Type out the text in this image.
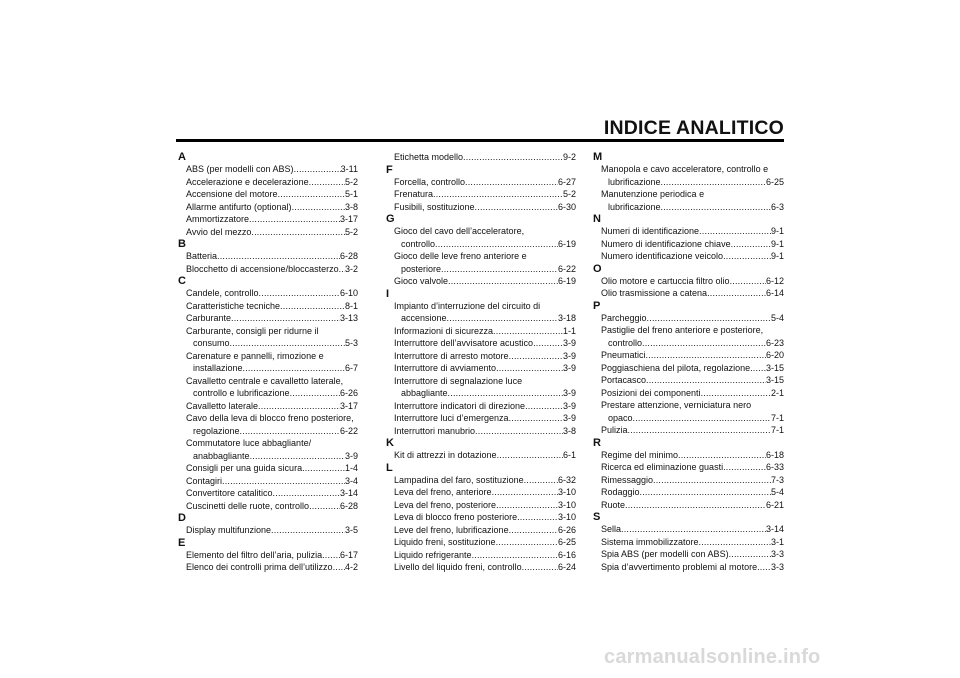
INDICE ANALITICO
A
ABS (per modelli con ABS) .....	3-11
Accelerazione e decelerazione .....	5-2
Accensione del motore .....	5-1
Allarme antifurto (optional) .....	3-8
Ammortizzatore .....	3-17
Avvio del mezzo .....	5-2
B
Batteria .....	6-28
Blocchetto di accensione/bloccasterzo ..... 3-2
C
Candele, controllo .....	6-10
Caratteristiche tecniche .....	8-1
Carburante .....	3-13
Carburante, consigli per ridurne il
consumo .....	5-3
Carenature e pannelli, rimozione e
installazione .....	6-7
Cavalletto centrale e cavalletto laterale,
controllo e lubrificazione .....	6-26
Cavalletto laterale .....	3-17
Cavo della leva di blocco freno posteriore,
regolazione .....	6-22
Commutatore luce abbagliante/
anabbagliante .....	3-9
Consigli per una guida sicura .....	1-4
Contagiri .....	3-4
Convertitore catalitico .....	3-14
Cuscinetti delle ruote, controllo .....	6-28
D
Display multifunzione .....	3-5
E
Elemento del filtro dell’aria, pulizia ..... 6-17
Elenco dei controlli prima dell’utilizzo ..... 4-2
Etichetta modello .....	9-2
F
Forcella, controllo .....	6-27
Frenatura .....	5-2
Fusibili, sostituzione .....	6-30
G
Gioco del cavo dell’acceleratore,
controllo .....	6-19
Gioco delle leve freno anteriore e
posteriore .....	6-22
Gioco valvole .....	6-19
I
Impianto d’interruzione del circuito di
accensione .....	3-18
Informazioni di sicurezza .....	1-1
Interruttore dell’avvisatore acustico .....	3-9
Interruttore di arresto motore .....	3-9
Interruttore di avviamento .....	3-9
Interruttore di segnalazione luce
abbagliante .....	3-9
Interruttore indicatori di direzione .....	3-9
Interruttore luci d’emergenza .....	3-9
Interruttori manubrio .....	3-8
K
Kit di attrezzi in dotazione .....	6-1
L
Lampadina del faro, sostituzione .....	6-32
Leva del freno, anteriore .....	3-10
Leva del freno, posteriore .....	3-10
Leva di blocco freno posteriore .....	3-10
Leve del freno, lubrificazione .....	6-26
Liquido freni, sostituzione .....	6-25
Liquido refrigerante .....	6-16
Livello del liquido freni, controllo .....	6-24
M
Manopola e cavo acceleratore, controllo e
lubrificazione .....	6-25
Manutenzione periodica e
lubrificazione .....	6-3
N
Numeri di identificazione .....	9-1
Numero di identificazione chiave .....	9-1
Numero identificazione veicolo .....	9-1
O
Olio motore e cartuccia filtro olio .....	6-12
Olio trasmissione a catena .....	6-14
P
Parcheggio .....	5-4
Pastiglie del freno anteriore e posteriore,
controllo .....	6-23
Pneumatici .....	6-20
Poggiaschiena del pilota, regolazione ..... 3-15
Portacasco .....	3-15
Posizioni dei componenti .....	2-1
Prestare attenzione, verniciatura nero
opaco .....	7-1
Pulizia .....	7-1
R
Regime del minimo .....	6-18
Ricerca ed eliminazione guasti .....	6-33
Rimessaggio .....	7-3
Rodaggio .....	5-4
Ruote .....	6-21
S
Sella .....	3-14
Sistema immobilizzatore .....	3-1
Spia ABS (per modelli con ABS) .....	3-3
Spia d’avvertimento problemi al motore ..... 3-3
carmanualsonline.info
